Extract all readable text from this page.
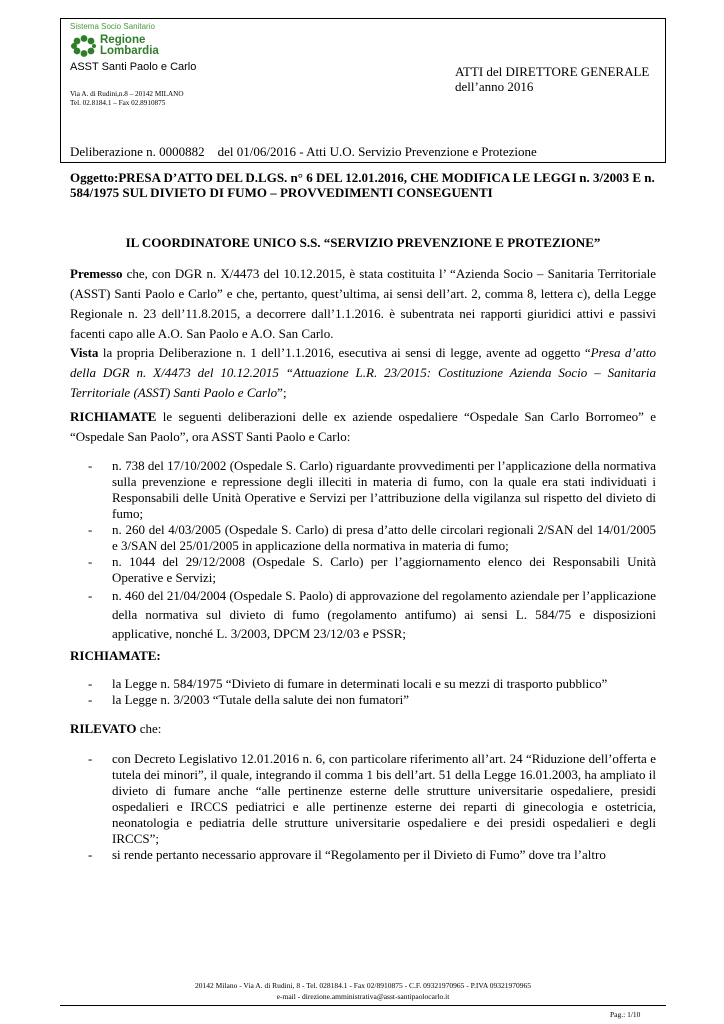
Sistema Socio Sanitario
Regione
Lombardia
ASST Santi Paolo e Carlo
Via A. di Rudini,n.8 – 20142 MILANO
Tel. 02.8184.1 – Fax 02.8910875
ATTI del DIRETTORE GENERALE
dell’anno 2016
Deliberazione n. 0000882    del 01/06/2016 - Atti U.O. Servizio Prevenzione e Protezione
Oggetto:PRESA D’ATTO DEL D.LGS. n° 6 DEL 12.01.2016, CHE MODIFICA LE LEGGI n. 3/2003 E n. 584/1975 SUL DIVIETO DI FUMO – PROVVEDIMENTI CONSEGUENTI
IL COORDINATORE UNICO S.S. “SERVIZIO PREVENZIONE E PROTEZIONE”
Premesso che, con DGR n. X/4473 del 10.12.2015, è stata costituita l’ “Azienda Socio – Sanitaria Territoriale (ASST) Santi Paolo e Carlo” e che, pertanto, quest’ultima, ai sensi dell’art. 2, comma 8, lettera c), della Legge Regionale n. 23 dell’11.8.2015, a decorrere dall’1.1.2016. è subentrata nei rapporti giuridici attivi e passivi facenti capo alle A.O. San Paolo e A.O. San Carlo.
Vista la propria Deliberazione n. 1 dell’1.1.2016, esecutiva ai sensi di legge, avente ad oggetto “Presa d’atto della DGR n. X/4473 del 10.12.2015 “Attuazione L.R. 23/2015: Costituzione Azienda Socio – Sanitaria Territoriale (ASST) Santi Paolo e Carlo”;
RICHIAMATE le seguenti deliberazioni delle ex aziende ospedaliere “Ospedale San Carlo Borromeo” e “Ospedale San Paolo”, ora ASST Santi Paolo e Carlo:
- n. 738 del 17/10/2002 (Ospedale S. Carlo) riguardante provvedimenti per l’applicazione della normativa sulla prevenzione e repressione degli illeciti in materia di fumo, con la quale era stati individuati i Responsabili delle Unità Operative e Servizi per l’attribuzione della vigilanza sul rispetto del divieto di fumo;
- n. 260 del 4/03/2005 (Ospedale S. Carlo) di presa d’atto delle circolari regionali 2/SAN del 14/01/2005 e 3/SAN del 25/01/2005 in applicazione della normativa in materia di fumo;
- n. 1044 del 29/12/2008 (Ospedale S. Carlo) per l’aggiornamento elenco dei Responsabili Unità Operative e Servizi;
- n. 460 del 21/04/2004 (Ospedale S. Paolo) di approvazione del regolamento aziendale per l’applicazione della normativa sul divieto di fumo (regolamento antifumo) ai sensi L. 584/75 e disposizioni applicative, nonché L. 3/2003, DPCM 23/12/03 e PSSR;
RICHIAMATE:
- la Legge n. 584/1975 “Divieto di fumare in determinati locali e su mezzi di trasporto pubblico”
- la Legge n. 3/2003 “Tutale della salute dei non fumatori”
RILEVATO che:
- con Decreto Legislativo 12.01.2016 n. 6, con particolare riferimento all’art. 24 “Riduzione dell’offerta e tutela dei minori”, il quale, integrando il comma 1 bis dell’art. 51 della Legge 16.01.2003, ha ampliato il divieto di fumare anche “alle pertinenze esterne delle strutture universitarie ospedaliere, presidi ospedalieri e IRCCS pediatrici e alle pertinenze esterne dei reparti di ginecologia e ostetricia, neonatologia e pediatria delle strutture universitarie ospedaliere e dei presidi ospedalieri e degli IRCCS”;
- si rende pertanto necessario approvare il “Regolamento per il Divieto di Fumo” dove tra l’altro
20142 Milano - Via A. di Rudini, 8 - Tel. 028184.1 - Fax 02/8910875 - C.F. 09321970965 - P.IVA 09321970965
e-mail - direzione.amministrativa@asst-santipaolocarlo.it
Pag.: 1/10
